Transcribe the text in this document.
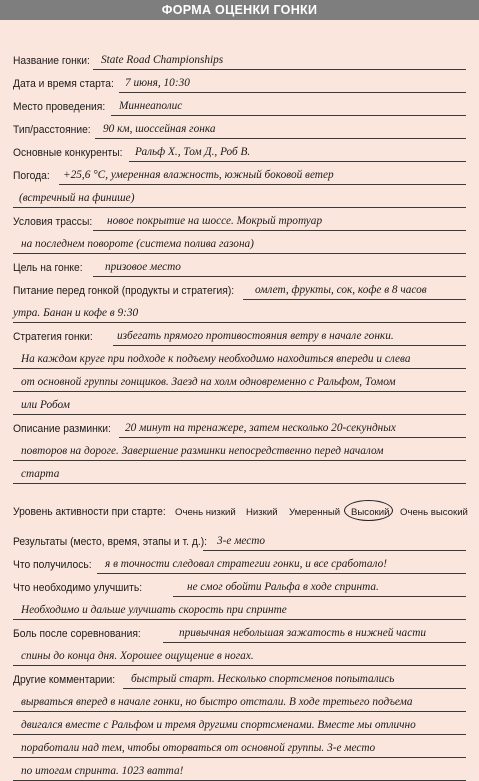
ФОРМА ОЦЕНКИ ГОНКИ
Название гонки: State Road Championships
Дата и время старта: 7 июня, 10:30
Место проведения: Миннеаполис
Тип/расстояние: 90 км, шоссейная гонка
Основные конкуренты: Ральф Х., Том Д., Роб В.
Погода: +25,6 °C, умеренная влажность, южный боковой ветер
(встречный на финише)
Условия трассы: новое покрытие на шоссе. Мокрый тротуар
на последнем повороте (система полива газона)
Цель на гонке: призовое место
Питание перед гонкой (продукты и стратегия): омлет, фрукты, сок, кофе в 8 часов
утра. Банан и кофе в 9:30
Стратегия гонки: избегать прямого противостояния ветру в начале гонки.
На каждом круге при подходе к подъему необходимо находиться впереди и слева
от основной группы гонщиков. Заезд на холм одновременно с Ральфом, Томом
или Робом
Описание разминки: 20 минут на тренажере, затем несколько 20-секундных
повторов на дороге. Завершение разминки непосредственно перед началом
старта
Уровень активности при старте: Очень низкий Низкий Умеренный Высокий Очень высокий
Результаты (место, время, этапы и т. д.): 3-е место
Что получилось: я в точности следовал стратегии гонки, и все сработало!
Что необходимо улучшить:	не смог обойти Ральфа в ходе спринта.
Необходимо и дальше улучшать скорость при спринте
Боль после соревнования:	привычная небольшая зажатость в нижней части
спины до конца дня. Хорошее ощущение в ногах.
Другие комментарии: быстрый старт. Несколько спортсменов попытались
вырваться вперед в начале гонки, но быстро отстали. В ходе третьего подъема
двигался вместе с Ральфом и тремя другими спортсменами. Вместе мы отлично
поработали над тем, чтобы оторваться от основной группы. 3-е место
по итогам спринта. 1023 ватта!
